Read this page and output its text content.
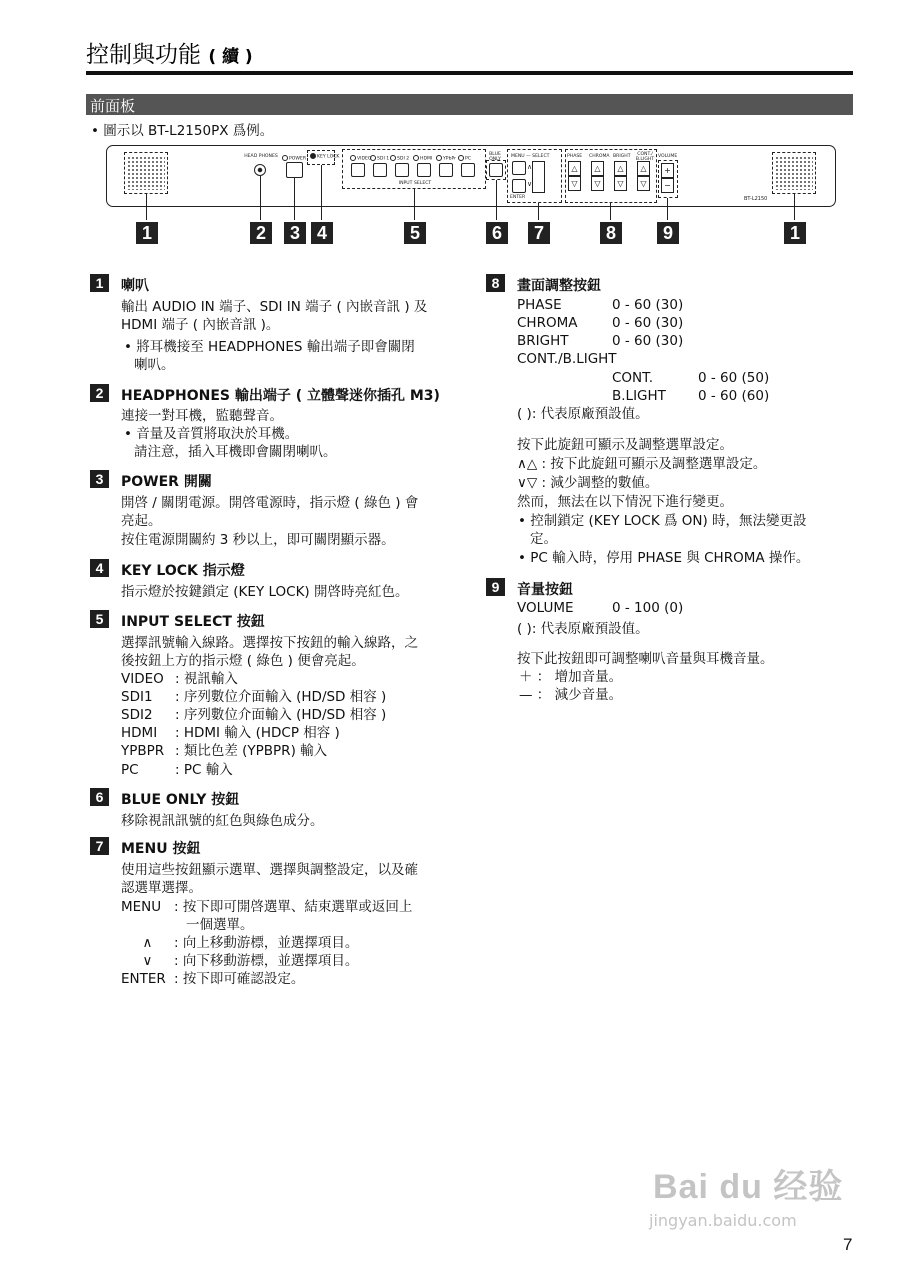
控制與功能 ( 續 )
前面板
• 圖示以 BT-L2150PX 爲例。
HEAD PHONES	POWER	KEY LOCK	VIDEO	SDI 1	SDI 2	HDMI	YPbPr	PC
INPUT SELECT
BLUE ONLY
MENU — SELECT
∧
∨
ENTER
PHASE CHROMA BRIGHT	CONT./ B.LIGHT
△
▽
△
▽
△
▽
△
▽
VOLUME
+
−
BT-L2150
1	2	3 4	5	6	7	8	9	1
1	喇叭
輸出 AUDIO IN 端子、SDI IN 端子 ( 內嵌音訊 ) 及
HDMI 端子 ( 內嵌音訊 )。
• 將耳機接至 HEADPHONES 輸出端子即會關閉
喇叭。
2	HEADPHONES 輸出端子 ( 立體聲迷你插孔 M3)
連接一對耳機，監聽聲音。
• 音量及音質將取決於耳機。
請注意，插入耳機即會關閉喇叭。
3	POWER 開關
開啓 / 關閉電源。開啓電源時，指示燈 ( 綠色 ) 會
亮起。
按住電源開關約 3 秒以上，即可關閉顯示器。
4	KEY LOCK 指示燈
指示燈於按鍵鎖定 (KEY LOCK) 開啓時亮紅色。
5	INPUT SELECT 按鈕
選擇訊號輸入線路。選擇按下按鈕的輸入線路，之
後按鈕上方的指示燈 ( 綠色 ) 便會亮起。
VIDEO : 視訊輸入
SDI1 : 序列數位介面輸入 (HD/SD 相容 )
SDI2 : 序列數位介面輸入 (HD/SD 相容 )
HDMI : HDMI 輸入 (HDCP 相容 )
YPBPR : 類比色差 (YPBPR) 輸入
PC	: PC 輸入
6	BLUE ONLY 按鈕
移除視訊訊號的紅色與綠色成分。
7	MENU 按鈕
使用這些按鈕顯示選單、選擇與調整設定，以及確
認選單選擇。
MENU : 按下即可開啓選單、結束選單或返回上
一個選單。
∧ : 向上移動游標，並選擇項目。
∨ : 向下移動游標，並選擇項目。
ENTER : 按下即可確認設定。
8	畫面調整按鈕
PHASE	0 - 60 (30)
CHROMA	0 - 60 (30)
BRIGHT	0 - 60 (30)
CONT./B.LIGHT
CONT.	0 - 60 (50)
B.LIGHT 0 - 60 (60)
( ): 代表原廠預設值。
按下此旋鈕可顯示及調整選單設定。
∧△ : 按下此旋鈕可顯示及調整選單設定。
∨▽ : 減少調整的數値。
然而，無法在以下情況下進行變更。
• 控制鎖定 (KEY LOCK 爲 ON) 時，無法變更設
定。
• PC 輸入時，停用 PHASE 與 CHROMA 操作。
9	音量按鈕
VOLUME	0 - 100 (0)
( ): 代表原廠預設值。
按下此按鈕即可調整喇叭音量與耳機音量。
＋ ： 增加音量。
— ： 減少音量。
Bai du 经验
jingyan.baidu.com
7
